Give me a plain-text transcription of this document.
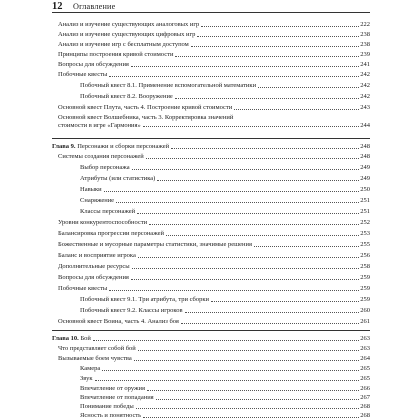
12 Оглавление
Анализ и изучение существующих аналоговых игр	222
Анализ и изучение существующих цифровых игр	238
Анализ и изучение игр с бесплатным доступом	238
Принципы построения кривой стоимости	239
Вопросы для обсуждения	241
Побочные квесты	242
Побочный квест 8.1. Применение вспомогательной математики	242
Побочный квест 8.2. Вооружение	242
Основной квест Плута, часть 4. Построение кривой стоимости	243
Основной квест Волшебника, часть 3. Корректировка значений
стоимости в игре «Гармония»	244
Глава 9. Персонажи и сборки персонажей	248
Системы создания персонажей	248
Выбор персонажа	249
Атрибуты (или статистика)	249
Навыки	250
Снаряжение	251
Классы персонажей	251
Уровни конкурентоспособности	252
Балансировка прогрессии персонажей	253
Божественные и мусорные параметры статистики, значимые решения	255
Баланс и восприятие игрока	256
Дополнительные ресурсы	258
Вопросы для обсуждения	259
Побочные квесты	259
Побочный квест 9.1. Три атрибута, три сборки	259
Побочный квест 9.2. Классы игроков	260
Основной квест Воина, часть 4. Анализ боя	261
Глава 10. Бой	263
Что представляет собой бой	263
Вызываемые боем чувства	264
Камера	265
Звук	265
Впечатление от оружия	266
Впечатление от попадания	267
Понимание победы	268
Ясность и понятность	268
